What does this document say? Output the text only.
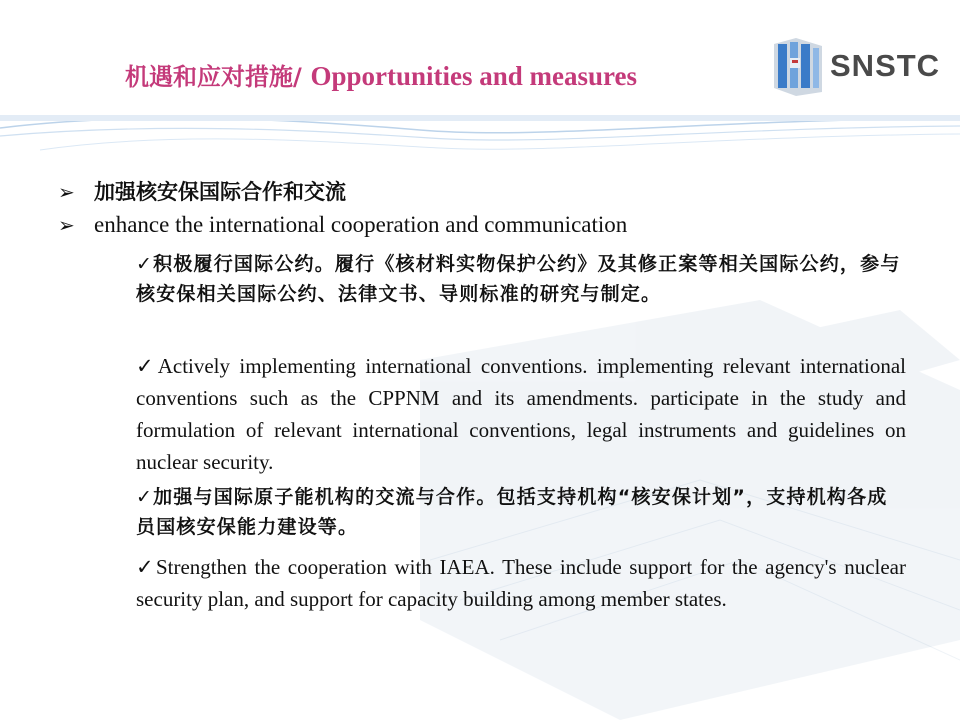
机遇和应对措施/ Opportunities and measures	SNSTC
➢ 加强核安保国际合作和交流
➢ enhance the international cooperation and communication
✓积极履行国际公约。履行《核材料实物保护公约》及其修正案等相关国际公约，参与核安保相关国际公约、法律文书、导则标准的研究与制定。
✓Actively implementing international conventions. implementing relevant international conventions such as the CPPNM and its amendments. participate in the study and formulation of relevant international conventions, legal instruments and guidelines on nuclear security.
✓加强与国际原子能机构的交流与合作。包括支持机构“核安保计划”，支持机构各成员国核安保能力建设等。
✓Strengthen the cooperation with IAEA. These include support for the agency's nuclear security plan, and support for capacity building among member states.
